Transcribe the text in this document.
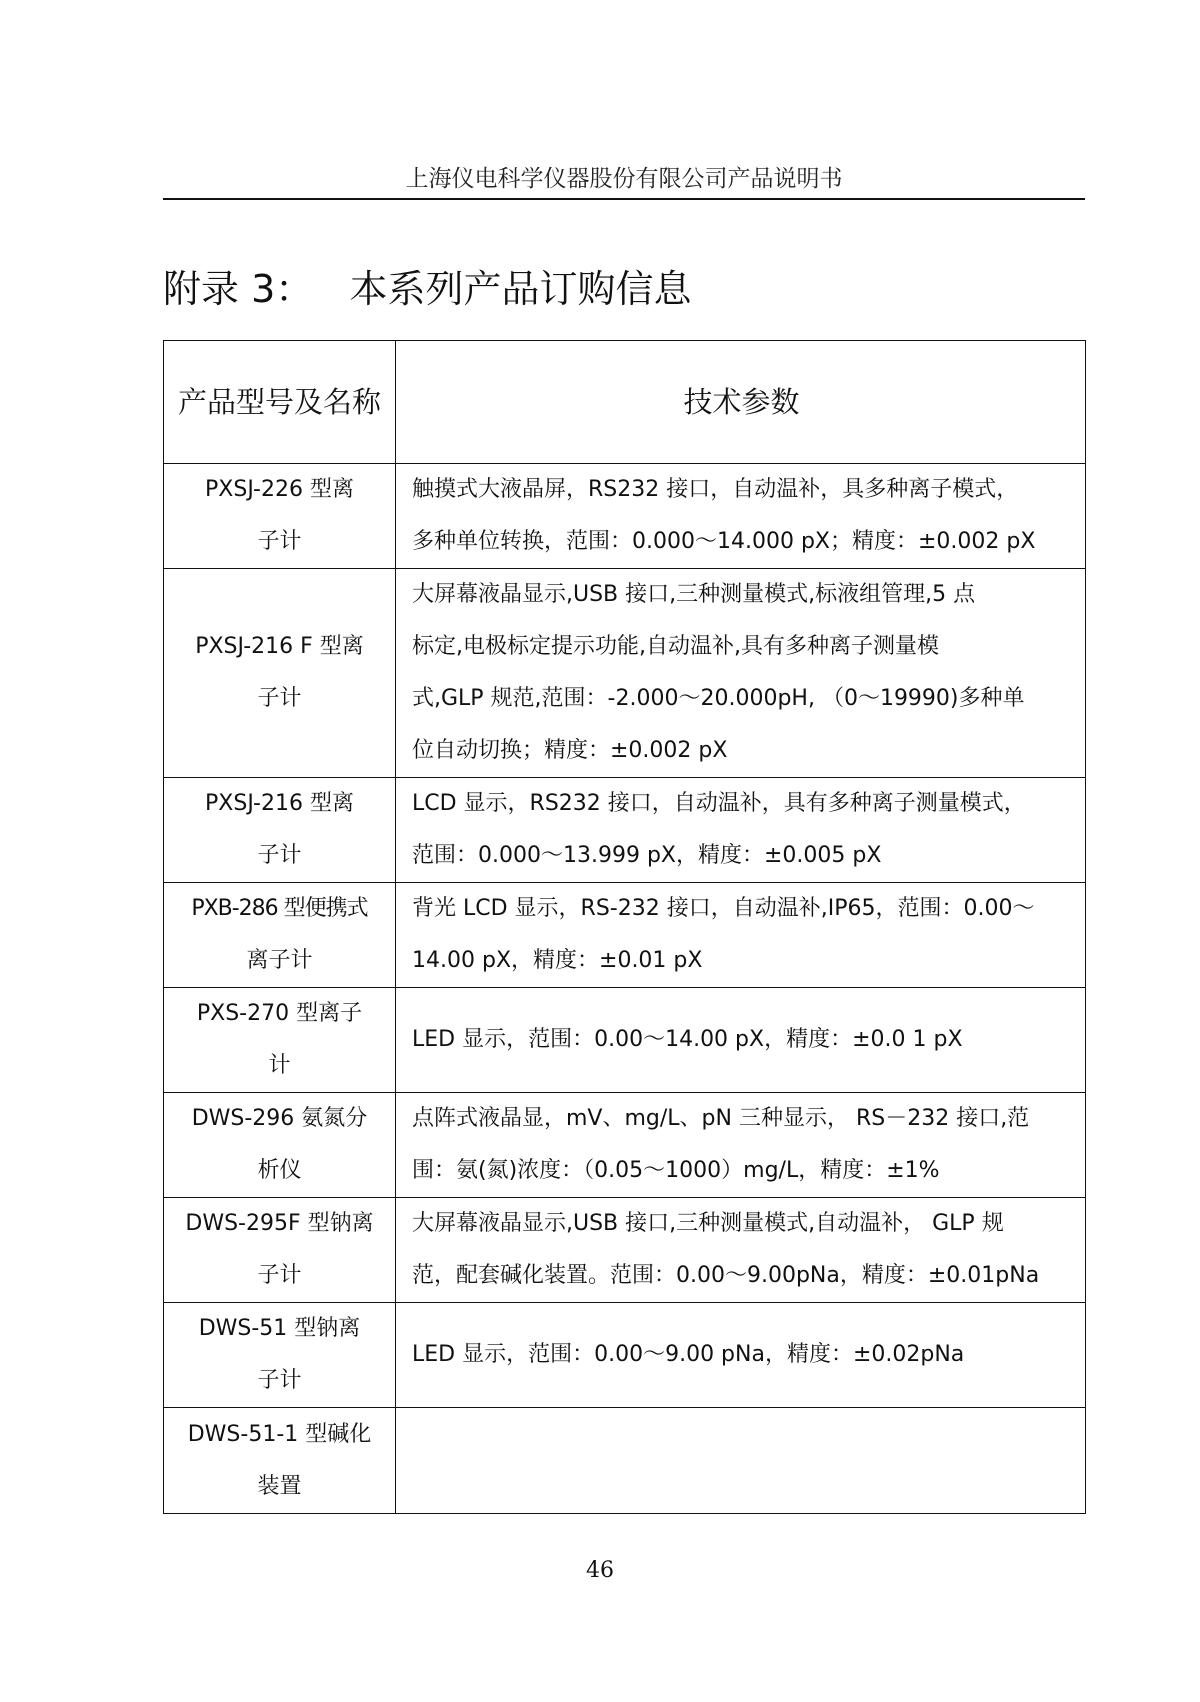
上海仪电科学仪器股份有限公司产品说明书
附录 3：   本系列产品订购信息
产品型号及名称	技术参数

PXSJ-226 型离
子计	触摸式大液晶屏，RS232 接口，自动温补，具多种离子模式，
多种单位转换，范围：0.000～14.000 pX；精度：±0.002 pX

PXSJ-216 F 型离
子计	大屏幕液晶显示,USB 接口,三种测量模式,标液组管理,5 点
标定,电极标定提示功能,自动温补,具有多种离子测量模
式,GLP 规范,范围：-2.000～20.000pH, （0～19990)多种单
位自动切换；精度：±0.002 pX

PXSJ-216 型离
子计	LCD 显示，RS232 接口，自动温补，具有多种离子测量模式，
范围：0.000～13.999 pX，精度：±0.005 pX

PXB-286 型便携式
离子计	背光 LCD 显示，RS-232 接口，自动温补,IP65，范围：0.00～
14.00 pX，精度：±0.01 pX

PXS-270 型离子
计	LED 显示，范围：0.00～14.00 pX，精度：±0.0 1 pX

DWS-296 氨氮分
析仪	点阵式液晶显，mV、mg/L、pN 三种显示， RS－232 接口,范
围：氨(氮)浓度：（0.05～1000）mg/L，精度：±1%

DWS-295F 型钠离
子计	大屏幕液晶显示,USB 接口,三种测量模式,自动温补， GLP 规
范，配套碱化装置。范围：0.00～9.00pNa，精度：±0.01pNa

DWS-51 型钠离
子计	LED 显示，范围：0.00～9.00 pNa，精度：±0.02pNa

DWS-51-1 型碱化
装置	

46
